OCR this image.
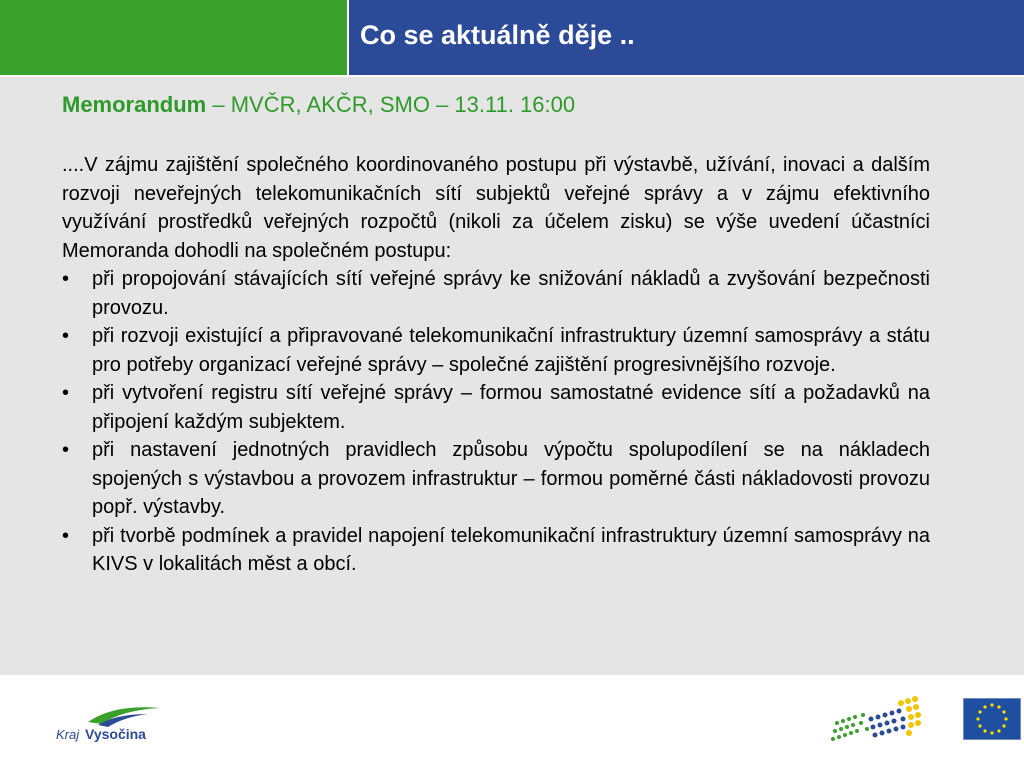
Co se aktuálně děje ..
Memorandum – MVČR, AKČR, SMO – 13.11. 16:00

....V zájmu zajištění společného koordinovaného postupu při výstavbě, užívání, inovaci a dalším rozvoji neveřejných telekomunikačních sítí subjektů veřejné správy a v zájmu efektivního využívání prostředků veřejných rozpočtů (nikoli za účelem zisku) se výše uvedení účastníci Memoranda dohodli na společném postupu:

• při propojování stávajících sítí veřejné správy ke snižování nákladů a zvyšování bezpečnosti provozu.
• při rozvoji existující a připravované telekomunikační infrastruktury územní samosprávy a státu pro potřeby organizací veřejné správy – společné zajištění progresivnějšího rozvoje.
• při vytvoření registru sítí veřejné správy – formou samostatné evidence sítí a požadavků na připojení každým subjektem.
• při nastavení jednotných pravidlech způsobu výpočtu spolupodílení se na nákladech spojených s výstavbou a provozem infrastruktur – formou poměrné části nákladovosti provozu popř. výstavby.
• při tvorbě podmínek a pravidel napojení telekomunikační infrastruktury územní samosprávy na KIVS v lokalitách měst a obcí.
Kraj Vysočina
